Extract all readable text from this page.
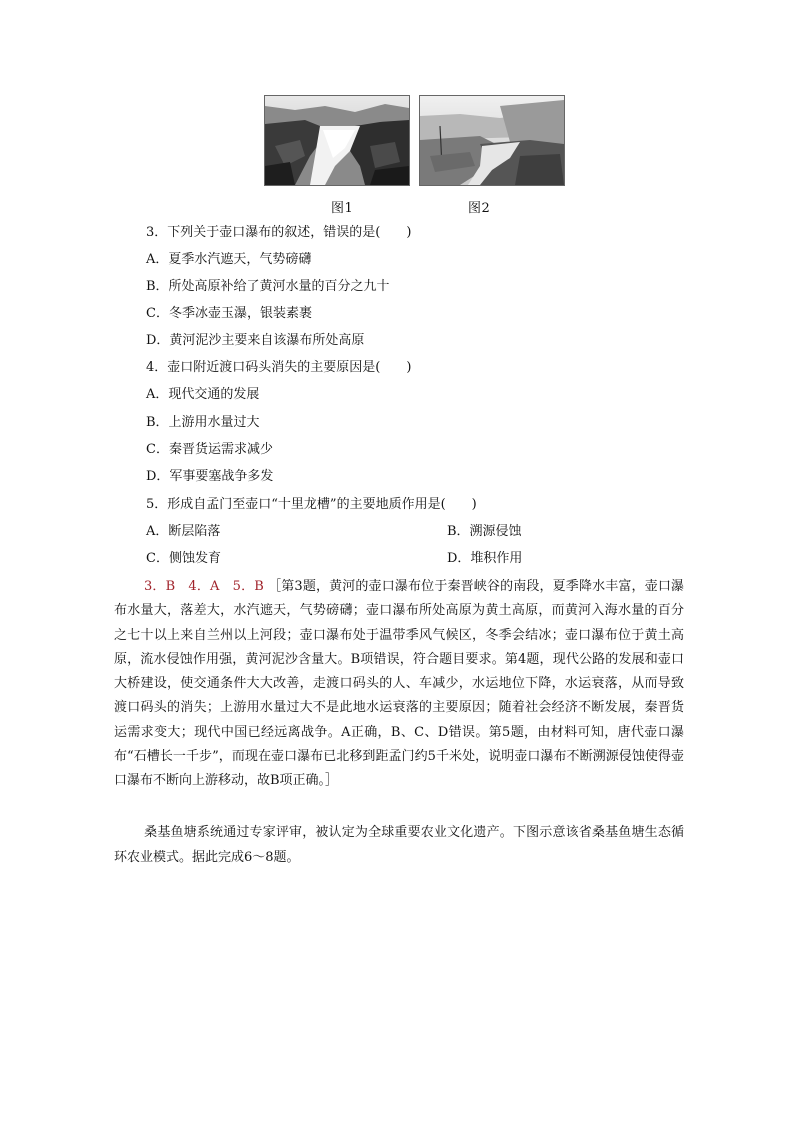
图1	图2
3．下列关于壶口瀑布的叙述，错误的是(　　)
A．夏季水汽遮天，气势磅礴
B．所处高原补给了黄河水量的百分之九十
C．冬季冰壶玉瀑，银装素裹
D．黄河泥沙主要来自该瀑布所处高原
4．壶口附近渡口码头消失的主要原因是(　　)
A．现代交通的发展
B．上游用水量过大
C．秦晋货运需求减少
D．军事要塞战争多发
5．形成自孟门至壶口“十里龙槽”的主要地质作用是(　　)
A．断层陷落	B．溯源侵蚀
C．侧蚀发育	D．堆积作用
3．B　4．A　5．B ［第3题，黄河的壶口瀑布位于秦晋峡谷的南段，夏季降水丰富，壶口瀑布水量大，落差大，水汽遮天，气势磅礴；壶口瀑布所处高原为黄土高原，而黄河入海水量的百分之七十以上来自兰州以上河段；壶口瀑布处于温带季风气候区，冬季会结冰；壶口瀑布位于黄土高原，流水侵蚀作用强，黄河泥沙含量大。B项错误，符合题目要求。第4题，现代公路的发展和壶口大桥建设，使交通条件大大改善，走渡口码头的人、车减少，水运地位下降，水运衰落，从而导致渡口码头的消失；上游用水量过大不是此地水运衰落的主要原因；随着社会经济不断发展，秦晋货运需求变大；现代中国已经远离战争。A正确，B、C、D错误。第5题，由材料可知，唐代壶口瀑布“石槽长一千步”，而现在壶口瀑布已北移到距孟门约5千米处，说明壶口瀑布不断溯源侵蚀使得壶口瀑布不断向上游移动，故B项正确。］
桑基鱼塘系统通过专家评审，被认定为全球重要农业文化遗产。下图示意该省桑基鱼塘生态循环农业模式。据此完成6～8题。
